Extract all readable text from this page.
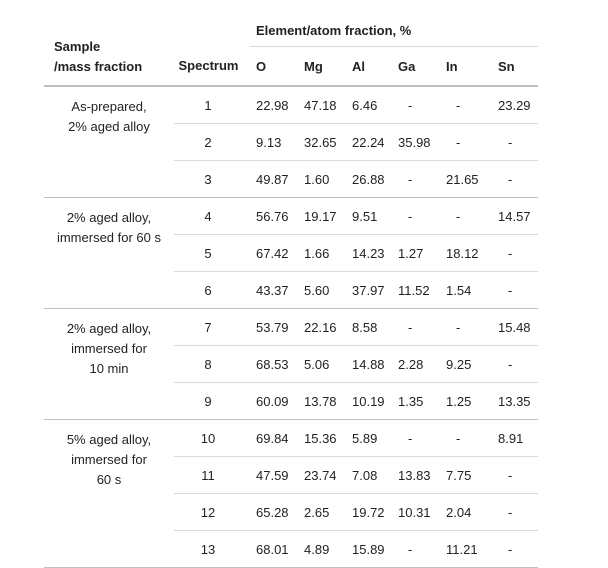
Sample
/mass fraction		Element/atom fraction, %					
	Spectrum	O	Mg	Al	Ga	In	Sn
As-prepared,
2% aged alloy	1	22.98	47.18	6.46	-	-	23.29
	2	9.13	32.65	22.24	35.98	-	-
	3	49.87	1.60	26.88	-	21.65	-
2% aged alloy,
immersed for 60 s	4	56.76	19.17	9.51	-	-	14.57
	5	67.42	1.66	14.23	1.27	18.12	-
	6	43.37	5.60	37.97	11.52	1.54	-
2% aged alloy,
immersed for
10 min	7	53.79	22.16	8.58	-	-	15.48
	8	68.53	5.06	14.88	2.28	9.25	-
	9	60.09	13.78	10.19	1.35	1.25	13.35
5% aged alloy,
immersed for
60 s	10	69.84	15.36	5.89	-	-	8.91
	11	47.59	23.74	7.08	13.83	7.75	-
	12	65.28	2.65	19.72	10.31	2.04	-
	13	68.01	4.89	15.89	-	11.21	-
